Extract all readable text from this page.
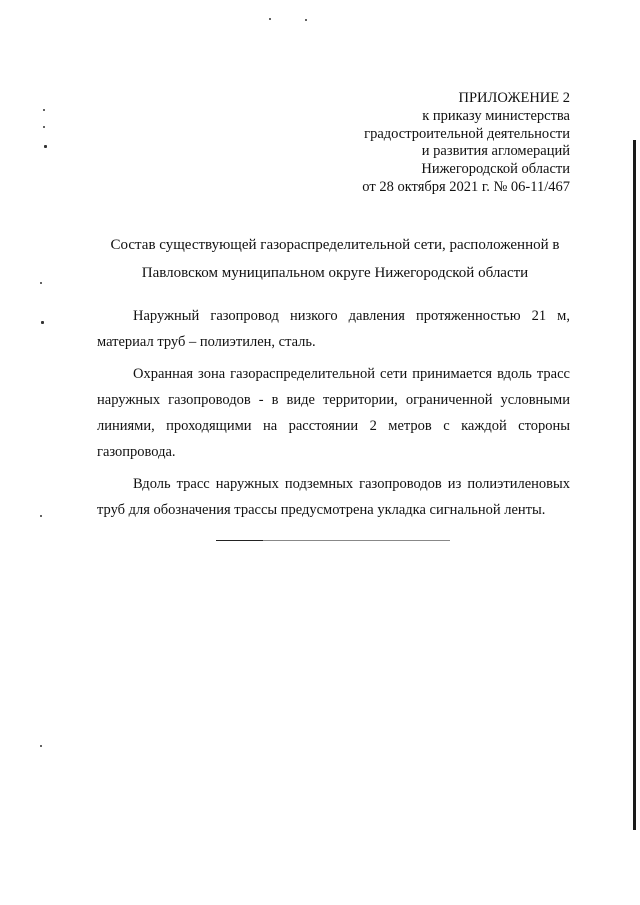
ПРИЛОЖЕНИЕ 2
к приказу министерства
градостроительной деятельности
и развития агломераций
Нижегородской области
от 28 октября 2021 г. № 06-11/467
Состав существующей газораспределительной сети, расположенной в
Павловском муниципальном округе Нижегородской области

Наружный газопровод низкого давления протяженностью 21 м, материал труб – полиэтилен, сталь.

Охранная зона газораспределительной сети принимается вдоль трасс наружных газопроводов - в виде территории, ограниченной условными линиями, проходящими на расстоянии 2 метров с каждой стороны газопровода.

Вдоль трасс наружных подземных газопроводов из полиэтиленовых труб для обозначения трассы предусмотрена укладка сигнальной ленты.
